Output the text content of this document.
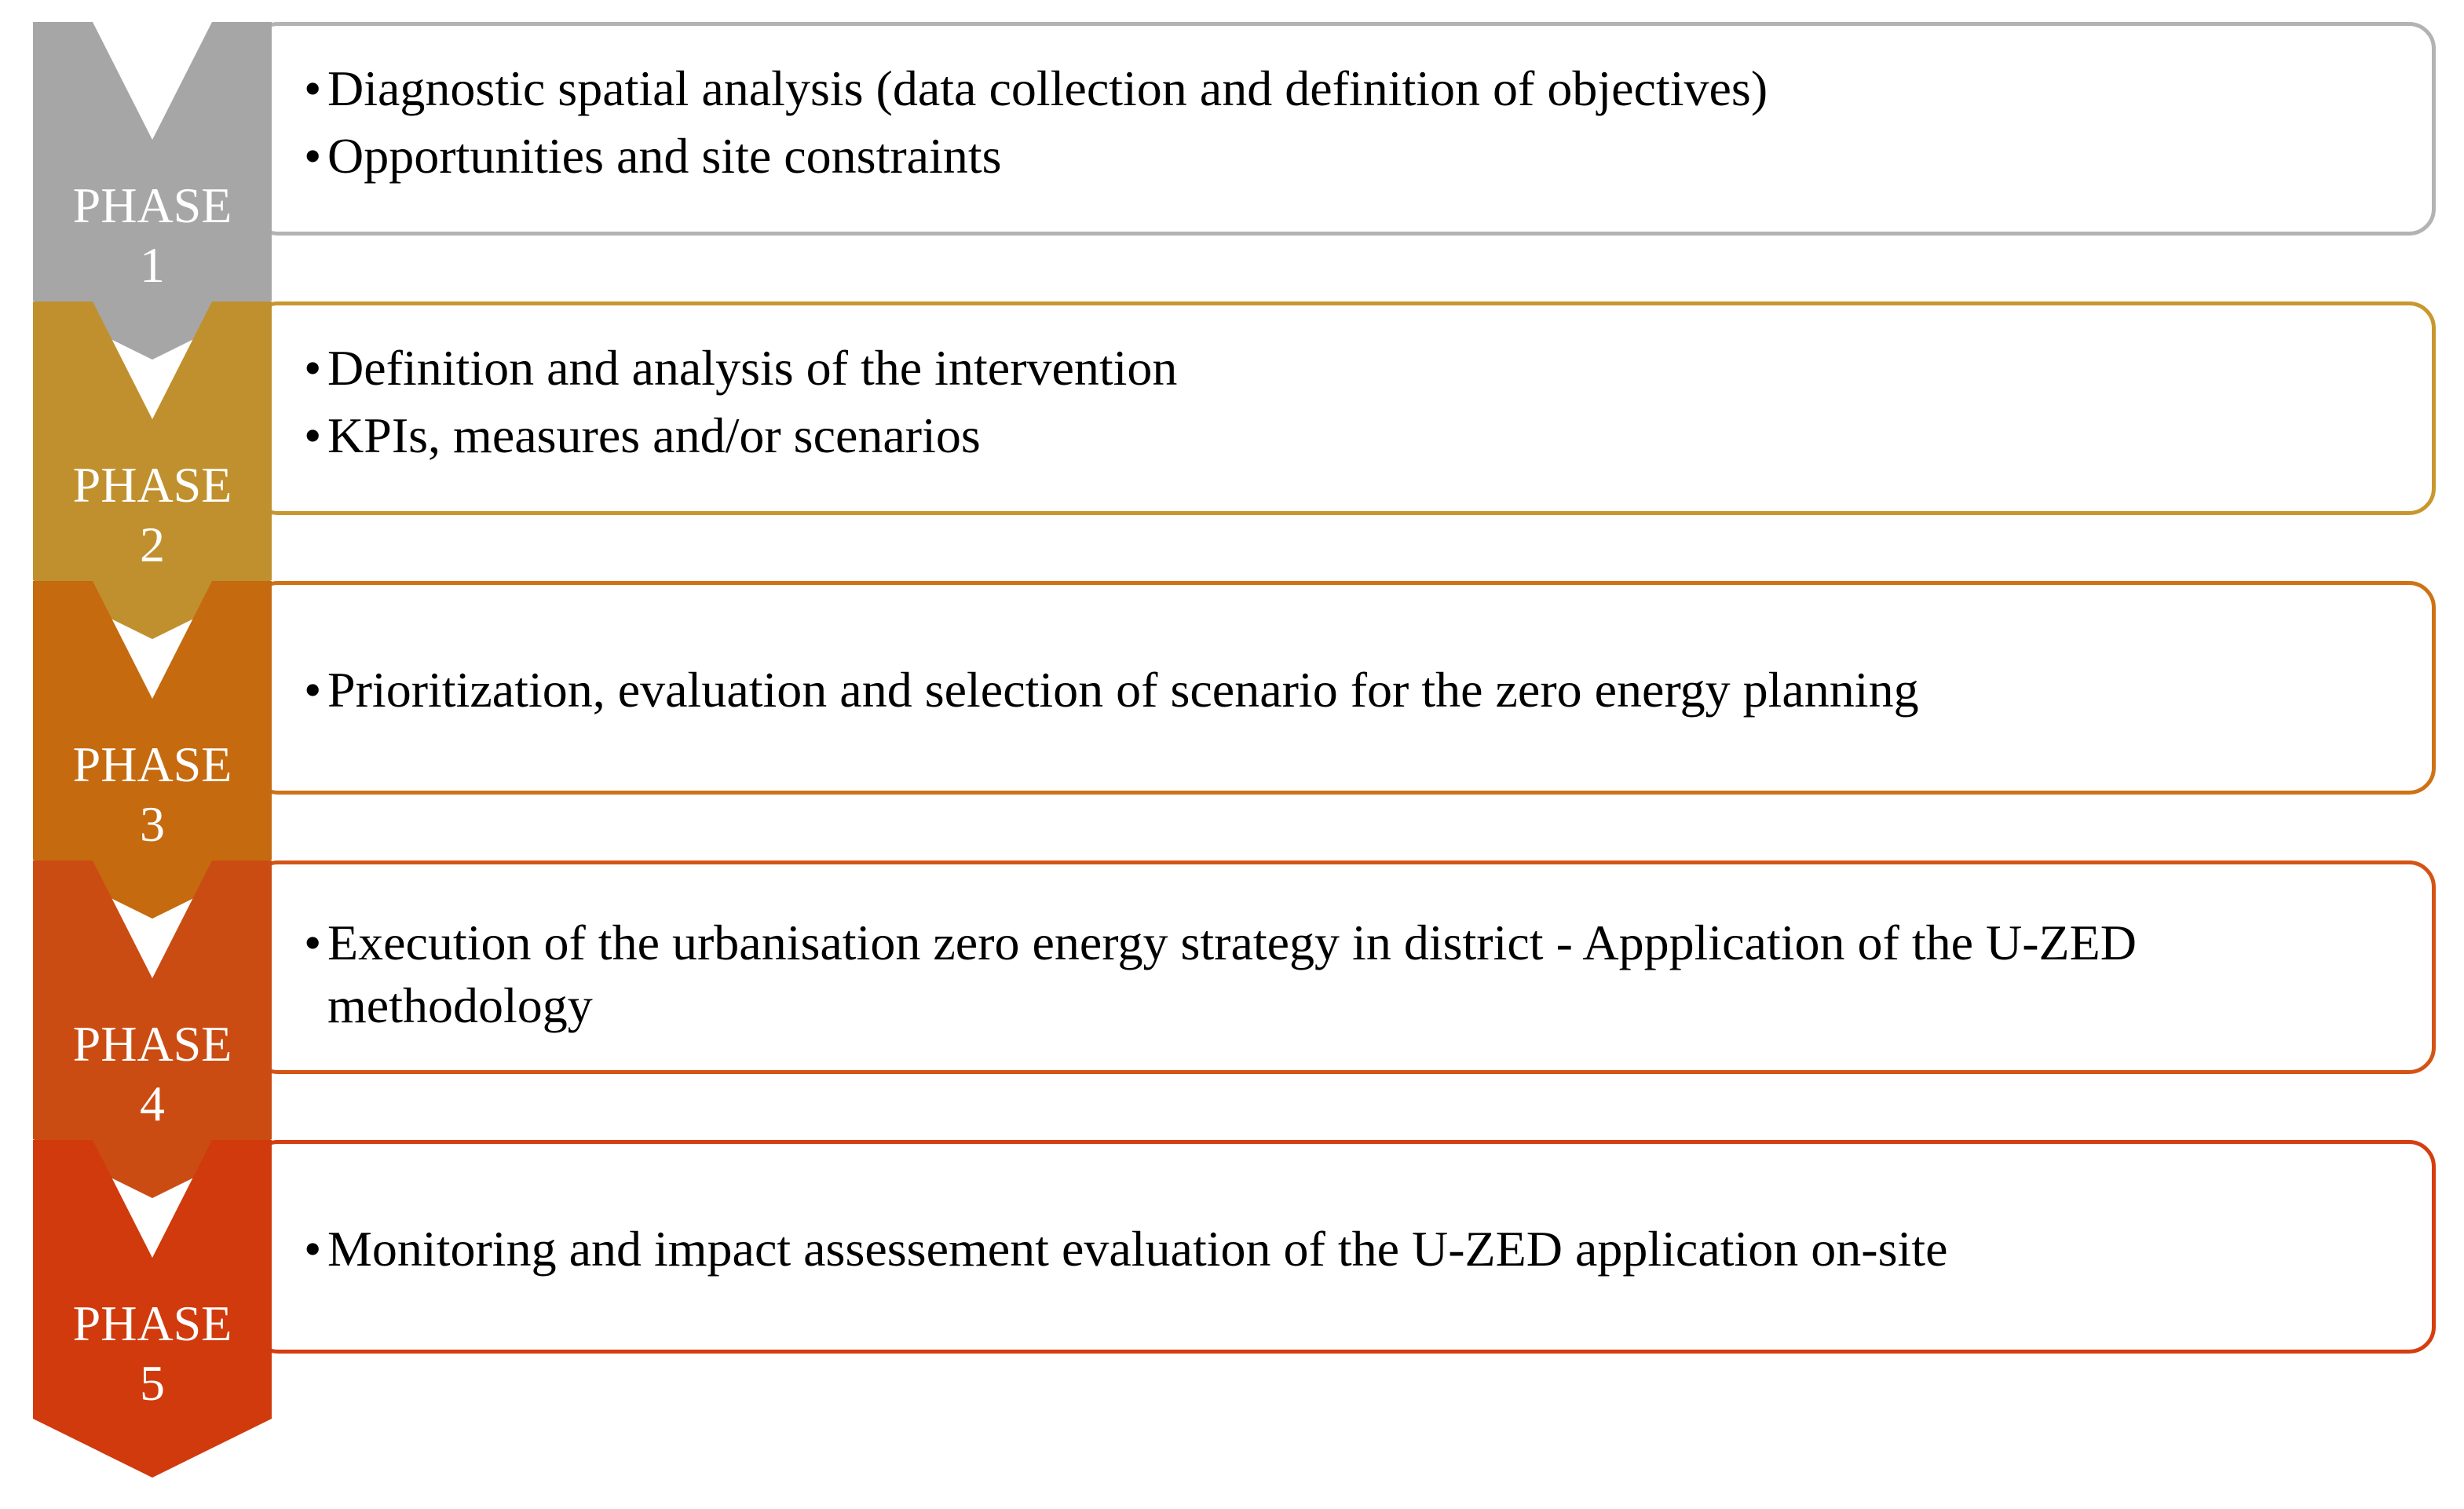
• Diagnostic spatial analysis (data collection and definition of objectives)
• Opportunities and site constraints
PHASE
1
• Definition and analysis of the intervention
• KPIs, measures and/or scenarios
PHASE
2
• Prioritization, evaluation and selection of scenario for the zero energy planning
PHASE
3
• Execution of the urbanisation zero energy strategy in district - Appplication of the U-ZED methodology
PHASE
4
• Monitoring and impact assessement evaluation of the U-ZED application on-site
PHASE
5
